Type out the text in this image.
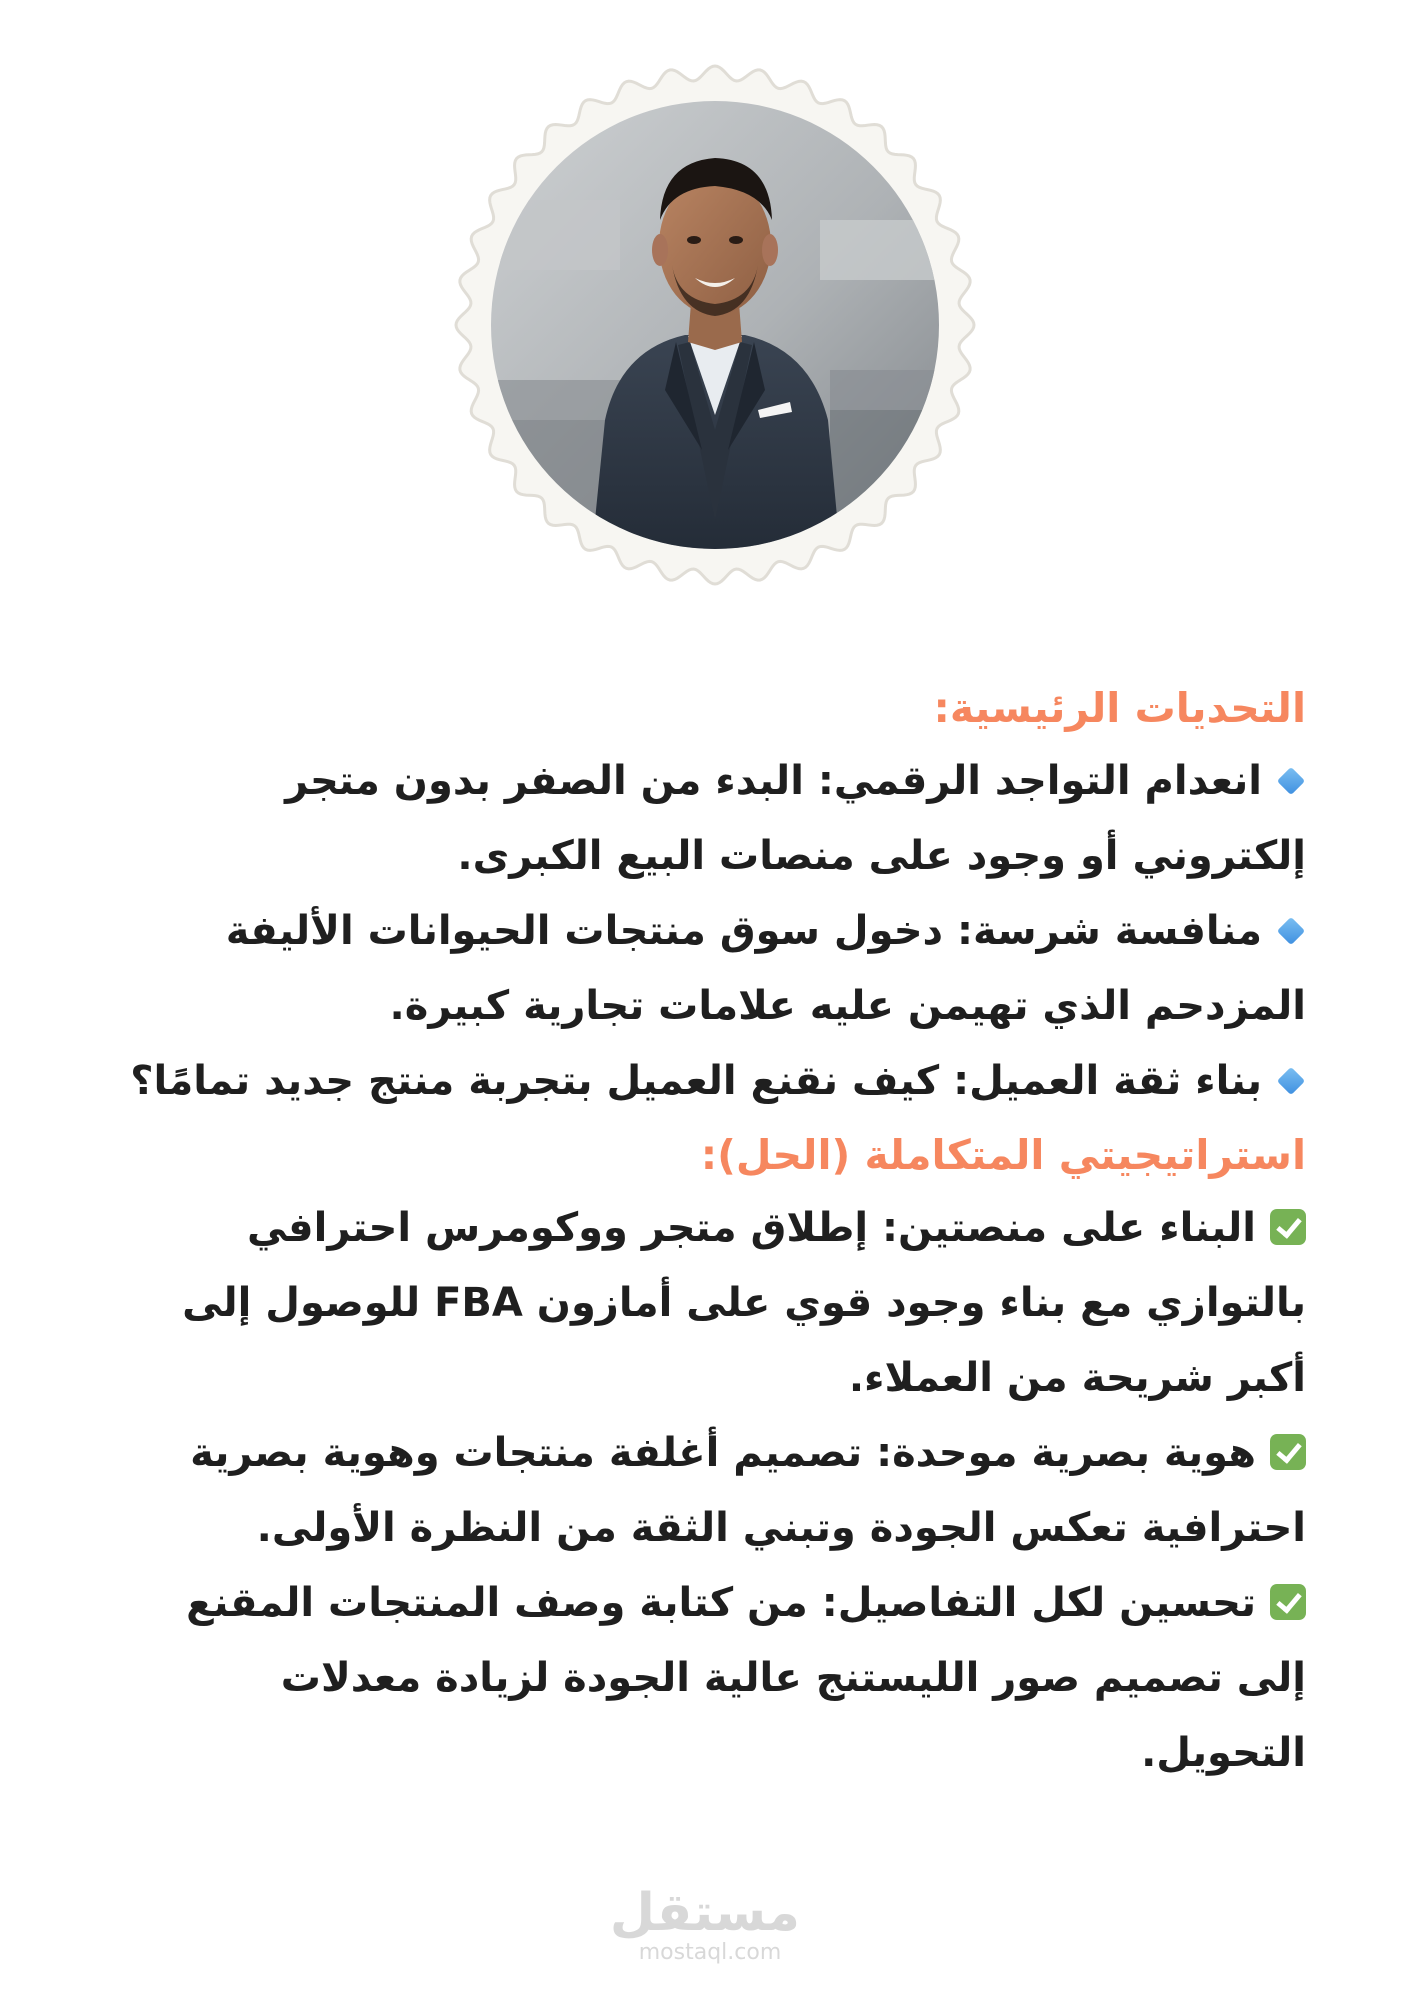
التحديات الرئيسية:

انعدام التواجد الرقمي: البدء من الصفر بدون متجر إلكتروني أو وجود على منصات البيع الكبرى.

منافسة شرسة: دخول سوق منتجات الحيوانات الأليفة المزدحم الذي تهيمن عليه علامات تجارية كبيرة.

بناء ثقة العميل: كيف نقنع العميل بتجربة منتج جديد تمامًا؟

استراتيجيتي المتكاملة (الحل):

البناء على منصتين: إطلاق متجر ووكومرس احترافي بالتوازي مع بناء وجود قوي على أمازون FBA للوصول إلى أكبر شريحة من العملاء.

هوية بصرية موحدة: تصميم أغلفة منتجات وهوية بصرية احترافية تعكس الجودة وتبني الثقة من النظرة الأولى.

تحسين لكل التفاصيل: من كتابة وصف المنتجات المقنع إلى تصميم صور الليستنج عالية الجودة لزيادة معدلات التحويل.

مستقل
mostaql.com
